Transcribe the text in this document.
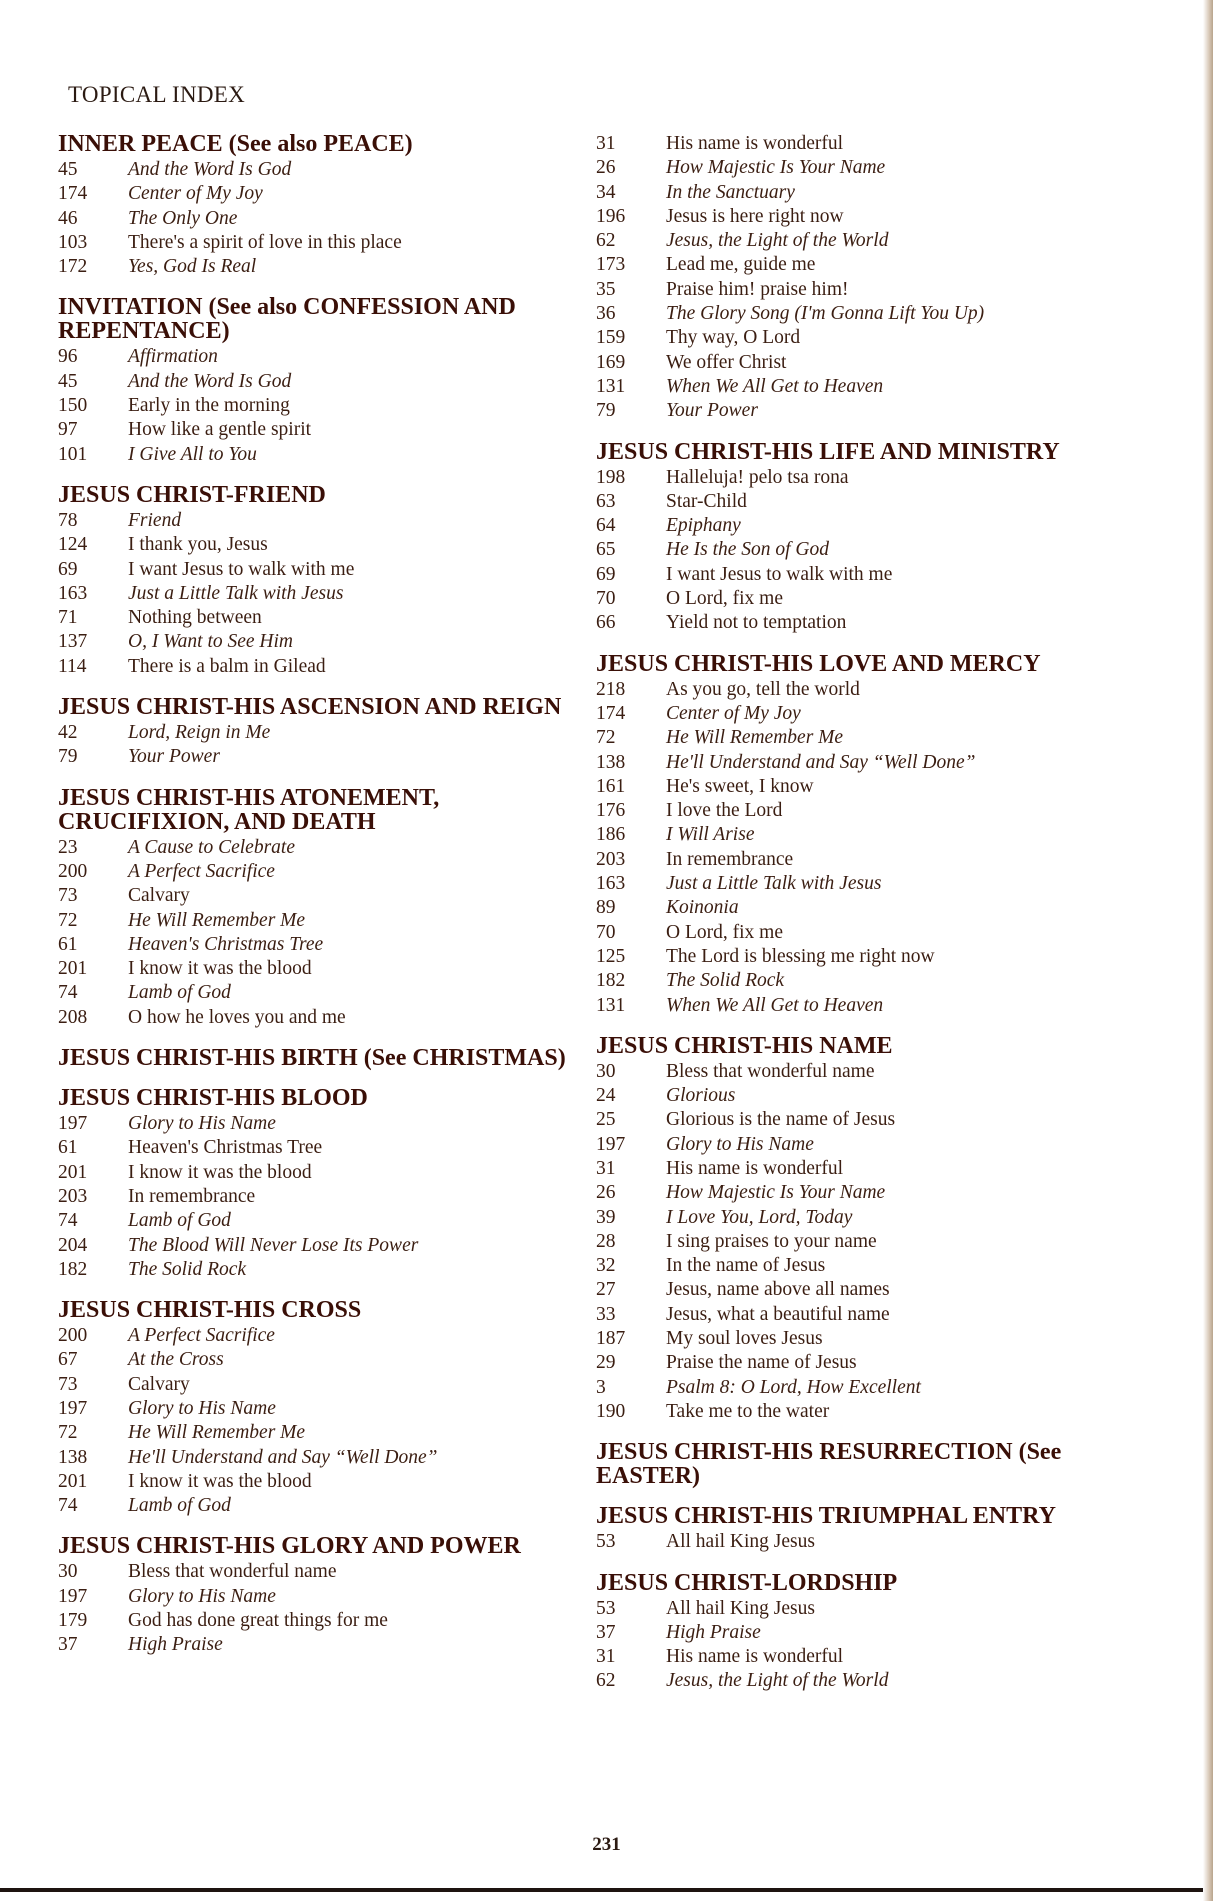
TOPICAL INDEX
INNER PEACE (See also PEACE)
45	And the Word Is God
174	Center of My Joy
46	The Only One
103	There's a spirit of love in this place
172	Yes, God Is Real
INVITATION (See also CONFESSION AND REPENTANCE)
96	Affirmation
45	And the Word Is God
150	Early in the morning
97	How like a gentle spirit
101	I Give All to You
JESUS CHRIST-FRIEND
78	Friend
124	I thank you, Jesus
69	I want Jesus to walk with me
163	Just a Little Talk with Jesus
71	Nothing between
137	O, I Want to See Him
114	There is a balm in Gilead
JESUS CHRIST-HIS ASCENSION AND REIGN
42	Lord, Reign in Me
79	Your Power
JESUS CHRIST-HIS ATONEMENT, CRUCIFIXION, AND DEATH
23	A Cause to Celebrate
200	A Perfect Sacrifice
73	Calvary
72	He Will Remember Me
61	Heaven's Christmas Tree
201	I know it was the blood
74	Lamb of God
208	O how he loves you and me
JESUS CHRIST-HIS BIRTH (See CHRISTMAS)
JESUS CHRIST-HIS BLOOD
197	Glory to His Name
61	Heaven's Christmas Tree
201	I know it was the blood
203	In remembrance
74	Lamb of God
204	The Blood Will Never Lose Its Power
182	The Solid Rock
JESUS CHRIST-HIS CROSS
200	A Perfect Sacrifice
67	At the Cross
73	Calvary
197	Glory to His Name
72	He Will Remember Me
138	He'll Understand and Say “Well Done”
201	I know it was the blood
74	Lamb of God
JESUS CHRIST-HIS GLORY AND POWER
30	Bless that wonderful name
197	Glory to His Name
179	God has done great things for me
37	High Praise
31	His name is wonderful
26	How Majestic Is Your Name
34	In the Sanctuary
196	Jesus is here right now
62	Jesus, the Light of the World
173	Lead me, guide me
35	Praise him! praise him!
36	The Glory Song (I'm Gonna Lift You Up)
159	Thy way, O Lord
169	We offer Christ
131	When We All Get to Heaven
79	Your Power
JESUS CHRIST-HIS LIFE AND MINISTRY
198	Halleluja! pelo tsa rona
63	Star-Child
64	Epiphany
65	He Is the Son of God
69	I want Jesus to walk with me
70	O Lord, fix me
66	Yield not to temptation
JESUS CHRIST-HIS LOVE AND MERCY
218	As you go, tell the world
174	Center of My Joy
72	He Will Remember Me
138	He'll Understand and Say “Well Done”
161	He's sweet, I know
176	I love the Lord
186	I Will Arise
203	In remembrance
163	Just a Little Talk with Jesus
89	Koinonia
70	O Lord, fix me
125	The Lord is blessing me right now
182	The Solid Rock
131	When We All Get to Heaven
JESUS CHRIST-HIS NAME
30	Bless that wonderful name
24	Glorious
25	Glorious is the name of Jesus
197	Glory to His Name
31	His name is wonderful
26	How Majestic Is Your Name
39	I Love You, Lord, Today
28	I sing praises to your name
32	In the name of Jesus
27	Jesus, name above all names
33	Jesus, what a beautiful name
187	My soul loves Jesus
29	Praise the name of Jesus
3	Psalm 8: O Lord, How Excellent
190	Take me to the water
JESUS CHRIST-HIS RESURRECTION (See EASTER)
JESUS CHRIST-HIS TRIUMPHAL ENTRY
53	All hail King Jesus
JESUS CHRIST-LORDSHIP
53	All hail King Jesus
37	High Praise
31	His name is wonderful
62	Jesus, the Light of the World
231
